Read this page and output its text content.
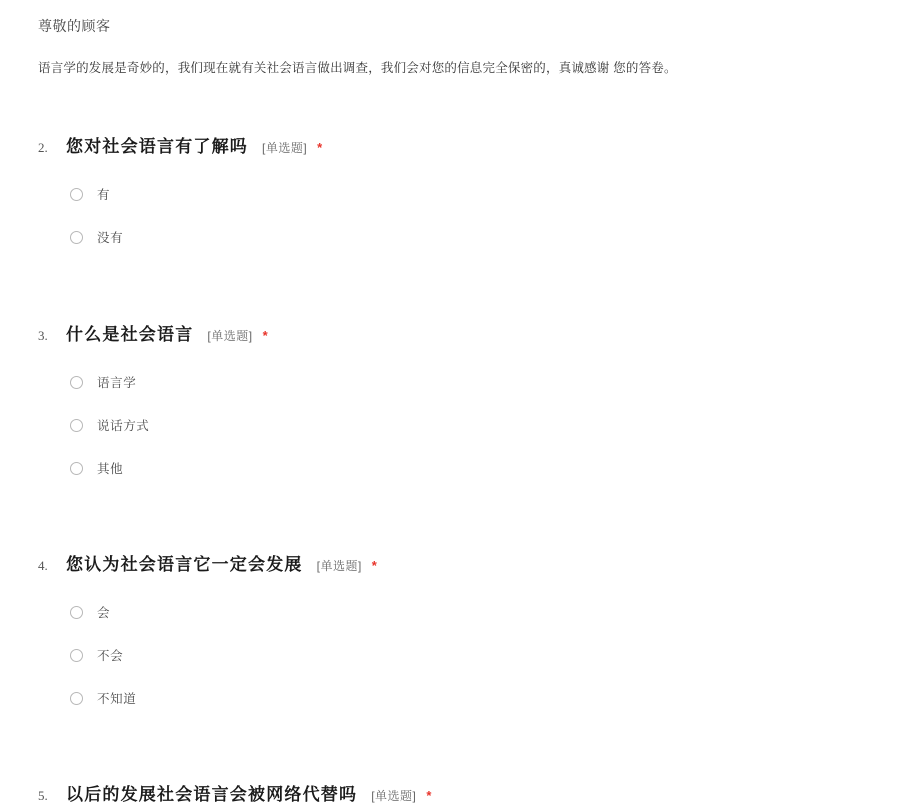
尊敬的顾客
语言学的发展是奇妙的，我们现在就有关社会语言做出调查，我们会对您的信息完全保密的，真诚感谢 您的答卷。
2.	您对社会语言有了解吗 [单选题] *
有
没有
3.	什么是社会语言 [单选题] *
语言学
说话方式
其他
4.	您认为社会语言它一定会发展 [单选题] *
会
不会
不知道
5.	以后的发展社会语言会被网络代替吗 [单选题] *
